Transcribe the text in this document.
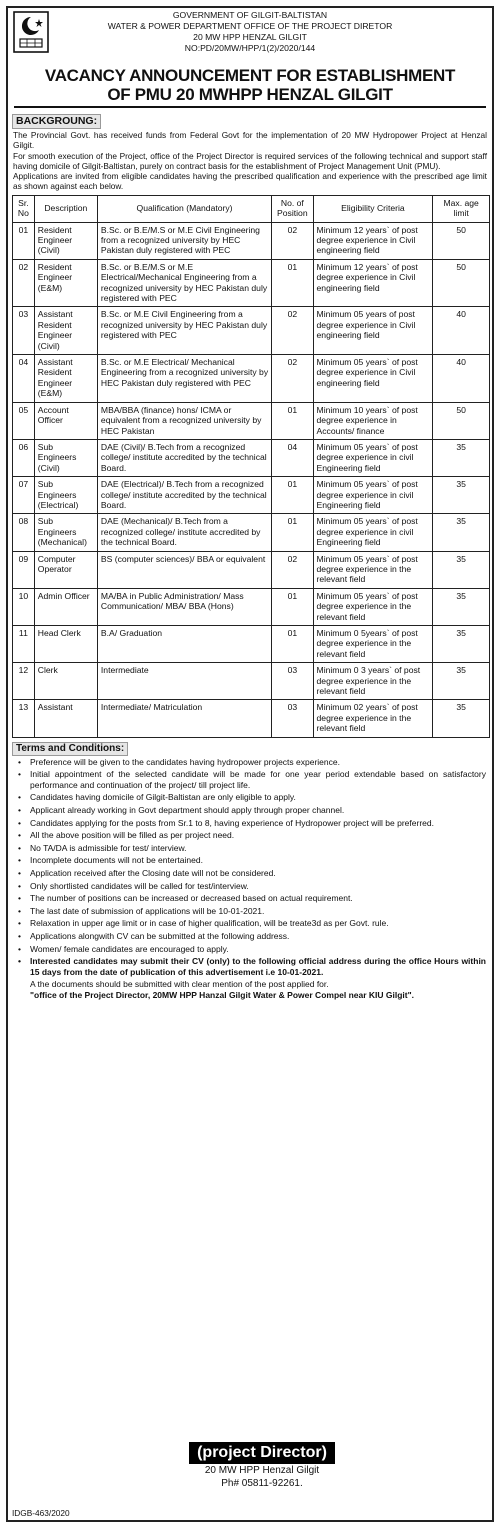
GOVERNMENT OF GILGIT-BALTISTAN
WATER & POWER DEPARTMENT OFFICE OF THE PROJECT DIRETOR
20 MW HPP HENZAL GILGIT
NO:PD/20MW/HPP/1(2)/2020/144
VACANCY ANNOUNCEMENT FOR ESTABLISHMENT
OF PMU 20 MWHPP HENZAL GILGIT
BACKGROUNG:

The Provincial Govt. has received funds from Federal Govt for the implementation of 20 MW Hydropower Project at Henzal Gilgit.

For smooth execution of the Project, office of the Project Director is required services of the following technical and support staff having domicile of Gilgit-Baltistan, purely on contract basis for the establishment of Project Management Unit (PMU).

Applications are invited from eligible candidates having the prescribed qualification and experience with the prescribed age limit as shown against each below.

Sr. No	Description	Qualification (Mandatory)	No. of Position	Eligibility Criteria	Max. age limit
01	Resident Engineer (Civil)	B.Sc. or B.E/M.S or M.E Civil Engineering from a recognized university by HEC Pakistan duly registered with PEC	02	Minimum 12 years` of post degree experience in Civil engineering field	50
02	Resident Engineer (E&M)	B.Sc. or B.E/M.S or M.E Electrical/Mechanical Engineering from a recognized university by HEC Pakistan duly registered with PEC	01	Minimum 12 years` of post degree experience in Civil engineering field	50
03	Assistant Resident Engineer (Civil)	B.Sc. or M.E Civil Engineering from a recognized university by HEC Pakistan duly registered with PEC	02	Minimum 05 years of post degree experience in Civil engineering field	40
04	Assistant Resident Engineer (E&M)	B.Sc. or M.E Electrical/ Mechanical Engineering from a recognized university by HEC Pakistan duly registered with PEC	02	Minimum 05 years` of post degree experience in Civil engineering field	40
05	Account Officer	MBA/BBA (finance) hons/ ICMA or equivalent from a recognized university by HEC Pakistan	01	Minimum 10 years` of post degree experience in Accounts/ finance	50
06	Sub Engineers (Civil)	DAE (Civil)/ B.Tech from a recognized college/ institute accredited by the technical Board.	04	Minimum 05 years` of post degree experience in civil Engineering field	35
07	Sub Engineers (Electrical)	DAE (Electrical)/ B.Tech from a recognized college/ institute accredited by the technical Board.	01	Minimum 05 years` of post degree experience in civil Engineering field	35
08	Sub Engineers (Mechanical)	DAE (Mechanical)/ B.Tech from a recognized college/ institute accredited by the technical Board.	01	Minimum 05 years` of post degree experience in civil Engineering field	35
09	Computer Operator	BS (computer sciences)/ BBA or equivalent	02	Minimum 05 years` of post degree experience in the relevant field	35
10	Admin Officer	MA/BA in Public Administration/ Mass Communication/ MBA/ BBA (Hons)	01	Minimum 05 years` of post degree experience in the relevant field	35
11	Head Clerk	B.A/ Graduation	01	Minimum 0 5years` of post degree experience in the relevant field	35
12	Clerk	Intermediate	03	Minimum 0 3 years` of post degree experience in the relevant field	35
13	Assistant	Intermediate/ Matriculation	03	Minimum 02 years` of post degree experience in the relevant field	35
Terms and Conditions:
• Preference will be given to the candidates having hydropower projects experience.
• Initial appointment of the selected candidate will be made for one year period extendable based on satisfactory performance and continuation of the project/ till project life.
• Candidates having domicile of Gilgit-Baltistan are only eligible to apply.
• Applicant already working in Govt department should apply through proper channel.
• Candidates applying for the posts from Sr.1 to 8, having experience of Hydropower project will be preferred.
• All the above position will be filled as per project need.
• No TA/DA is admissible for test/ interview.
• Incomplete documents will not be entertained.
• Application received after the Closing date will not be considered.
• Only shortlisted candidates will be called for test/interview.
• The number of positions can be increased or decreased based on actual requirement.
• The last date of submission of applications will be 10-01-2021.
• Relaxation in upper age limit or in case of higher qualification, will be treate3d as per Govt. rule.
• Applications alongwith CV can be submitted at the following address.
• Women/ female candidates are encouraged to apply.
• Interested candidates may submit their CV (only) to the following official address during the office Hours within 15 days from the date of publication of this advertisement i.e 10-01-2021.
A the documents should be submitted with clear mention of the post applied for.
"office of the Project Director, 20MW HPP Hanzal Gilgit Water & Power Compel near KIU Gilgit".
(project Director)
20 MW HPP Henzal Gilgit
Ph# 05811-92261.
IDGB-463/2020
